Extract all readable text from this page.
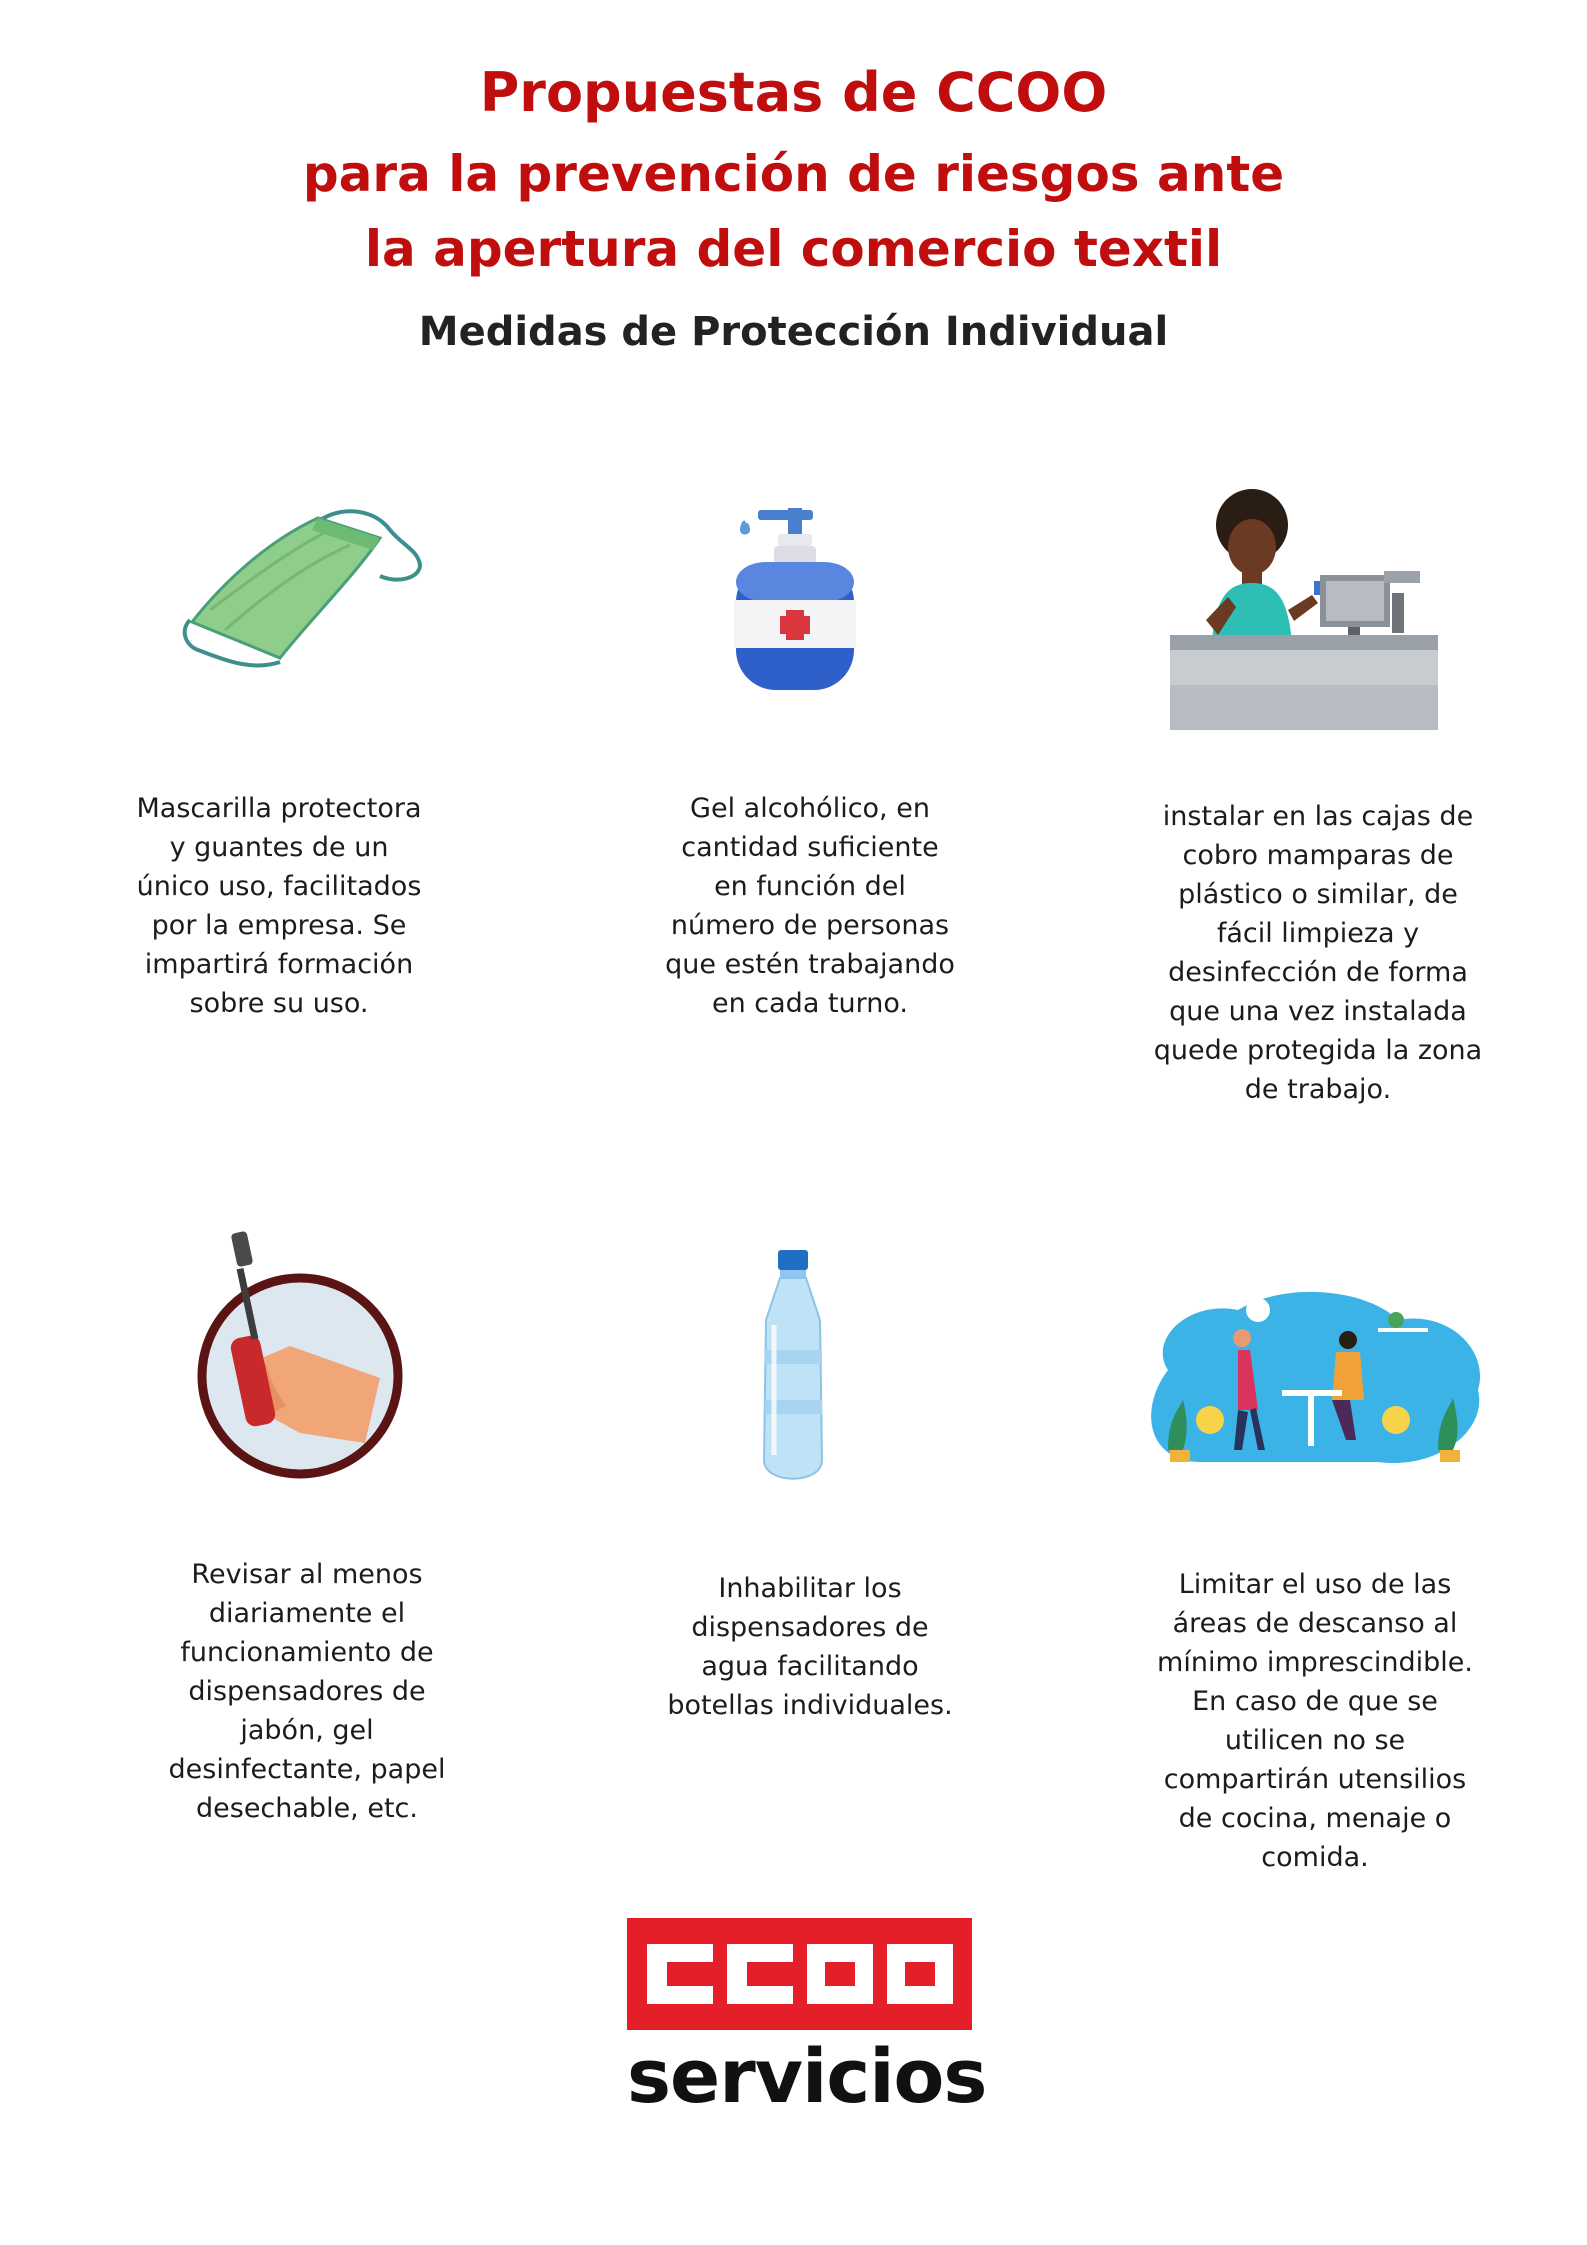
Propuestas de CCOO
para la prevención de riesgos ante
la apertura del comercio textil
Medidas de Protección Individual

Mascarilla protectora
y guantes de un
único uso, facilitados
por la empresa. Se
impartirá formación
sobre su uso.

Gel alcohólico, en
cantidad suficiente
en función del
número de personas
que estén trabajando
en cada turno.

instalar en las cajas de
cobro mamparas de
plástico o similar, de
fácil limpieza y
desinfección de forma
que una vez instalada
quede protegida la zona
de trabajo.

Revisar al menos
diariamente el
funcionamiento de
dispensadores de
jabón, gel
desinfectante, papel
desechable, etc.

Inhabilitar los
dispensadores de
agua facilitando
botellas individuales.

Limitar el uso de las
áreas de descanso al
mínimo imprescindible.
En caso de que se
utilicen no se
compartirán utensilios
de cocina, menaje o
comida.

servicios
